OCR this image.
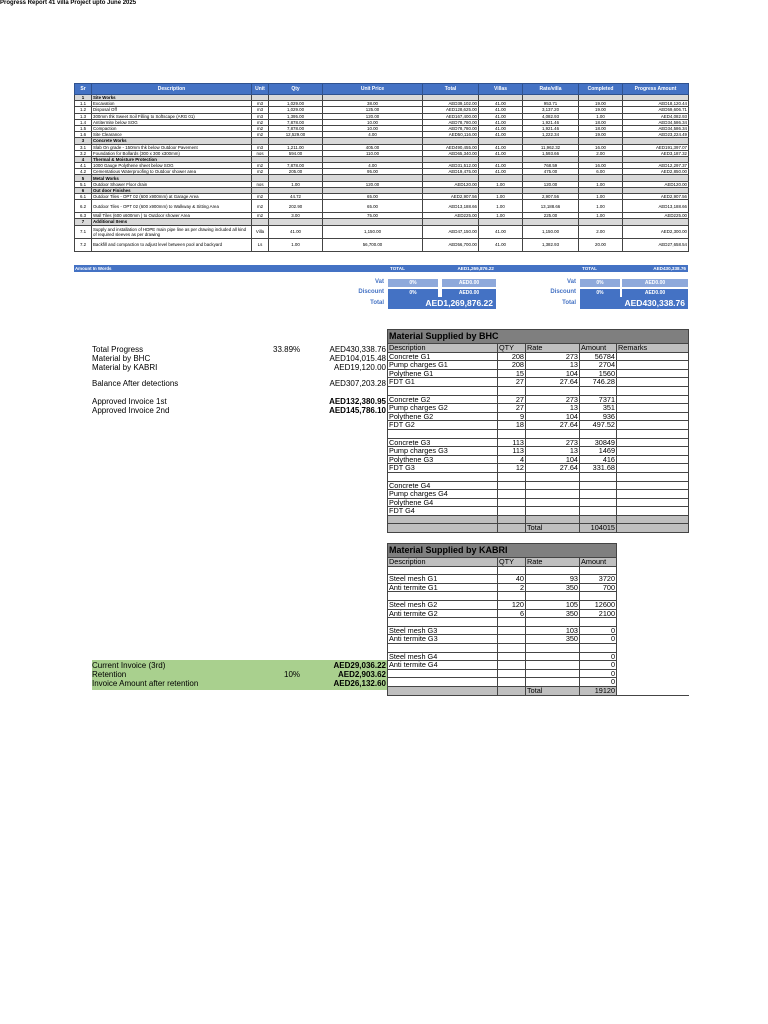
Progress Report 41 villa Project upto June 2025
Sr	Description	Unit	Qty	Unit Price	Total	Villas	Rate/villa	Completed	Progress Amount
1	Site Works								
1.1	Excavation	m3	1,029.00	38.00	AED39,102.00	41.00	953.71	19.00	AED18,120.44
1.2	Disposal Off	m3	1,029.00	125.00	AED128,625.00	41.00	3,137.20	19.00	AED59,606.71
1.3	300mm thk Sweet Soil Filling to Softscape (ARG 01)	m3	1,395.00	120.00	AED167,400.00	41.00	4,082.93	1.00	AED4,082.93
1.4	Antitermite below SOG	m2	7,878.00	10.00	AED78,780.00	41.00	1,921.46	18.00	AED34,586.34
1.5	Compaction	m2	7,878.00	10.00	AED78,780.00	41.00	1,921.46	18.00	AED34,586.34
1.6	Site Clearance	m2	12,529.00	4.00	AED50,116.00	41.00	1,222.34	19.00	AED23,224.49
3	Concrete Works								
3.1	Slab On grade - 150mm thk below Outdoor Pavement	m3	1,211.00	405.00	AED490,455.00	41.00	11,962.32	16.00	AED191,397.07
3.2	Foundation for Bollards (300 x 300 x300mm)	nos	594.00	110.00	AED65,340.00	41.00	1,593.66	2.00	AED3,187.32
4	Thermal & Moisture Protection								
4.1	1000 Gauge Polythene sheet below SOG	m2	7,878.00	4.00	AED31,512.00	41.00	768.59	16.00	AED12,297.37
4.2	Cementatious Waterproofing to Outdoor shower area	m2	205.00	95.00	AED19,475.00	41.00	475.00	6.00	AED2,850.00
5	Metal Works								
5.1	Outdoor Shower Floor drain	nos	1.00	120.00	AED120.00	1.00	120.00	1.00	AED120.00
6	Out door Finishes								
6.1	Outdoor Tiles - OPT 02 (600 x900mm) at Garage Area	m2	44.72	65.00	AED2,907.56	1.00	2,907.56	1.00	AED2,907.56
6.2	Outdoor Tiles - OPT 02 (600 x900mm) to Walkway & Sitting Area	m2	202.90	65.00	AED13,188.66	1.00	13,188.66	1.00	AED13,188.66
6.3	Wall Tiles (600 x600mm ) to Outdoor shower Area	m2	3.00	75.00	AED225.00	1.00	225.00	1.00	AED225.00
7	Additional Items								
7.1	Supply and installation of HDPE main pipe line as per drawing included all kind of required sleeves as per drawing	Villa	41.00	1,150.00	AED47,150.00	41.00	1,150.00	2.00	AED2,300.00
7.2	Backfill and compaction to adjust level between pool and backyard	Ls	1.00	56,700.00	AED56,700.00	41.00	1,382.93	20.00	AED27,658.54
Amount In Words	TOTAL	AED1,269,876.22	TOTAL	AED430,338.76
Vat	0%	AED0.00	Vat	0%	AED0.00
Discount	0%	AED0.00	Discount	0%	AED0.00
Total	AED1,269,876.22	Total	AED430,338.76
Total Progress	33.89%	AED430,338.76
Material by BHC	AED104,015.48
Material by KABRI	AED19,120.00
Balance After detections	AED307,203.28
Approved Invoice 1st	AED132,380.95
Approved Invoice 2nd	AED145,786.10
Current Invoice (3rd)	AED29,036.22
Retention	10%	AED2,903.62
Invoice Amount after retention	AED26,132.60
Material Supplied by BHC				
Description	QTY	Rate	Amount	Remarks
Concrete G1	208	273	56784	
Pump charges G1	208	13	2704	
Polythene G1	15	104	1560	
FDT G1	27	27.64	746.28	

Concrete G2	27	273	7371	
Pump charges G2	27	13	351	
Polythene G2	9	104	936	
FDT G2	18	27.64	497.52	

Concrete G3	113	273	30849	
Pump charges G3	113	13	1469	
Polythene G3	4	104	416	
FDT G3	12	27.64	331.68	

Concrete G4				
Pump charges G4				
Polythene G4				
FDT G4				

		Total	104015	
Material Supplied by KABRI				
Description	QTY	Rate	Amount	

Steel mesh G1	40	93	3720	
Anti termite G1	2	350	700	

Steel mesh G2	120	105	12600	
Anti termite G2	6	350	2100	

Steel mesh G3		103	0	
Anti termite G3		350	0	

Steel mesh G4			0	
Anti termite G4			0	
			0	
			0	
		Total	19120	
